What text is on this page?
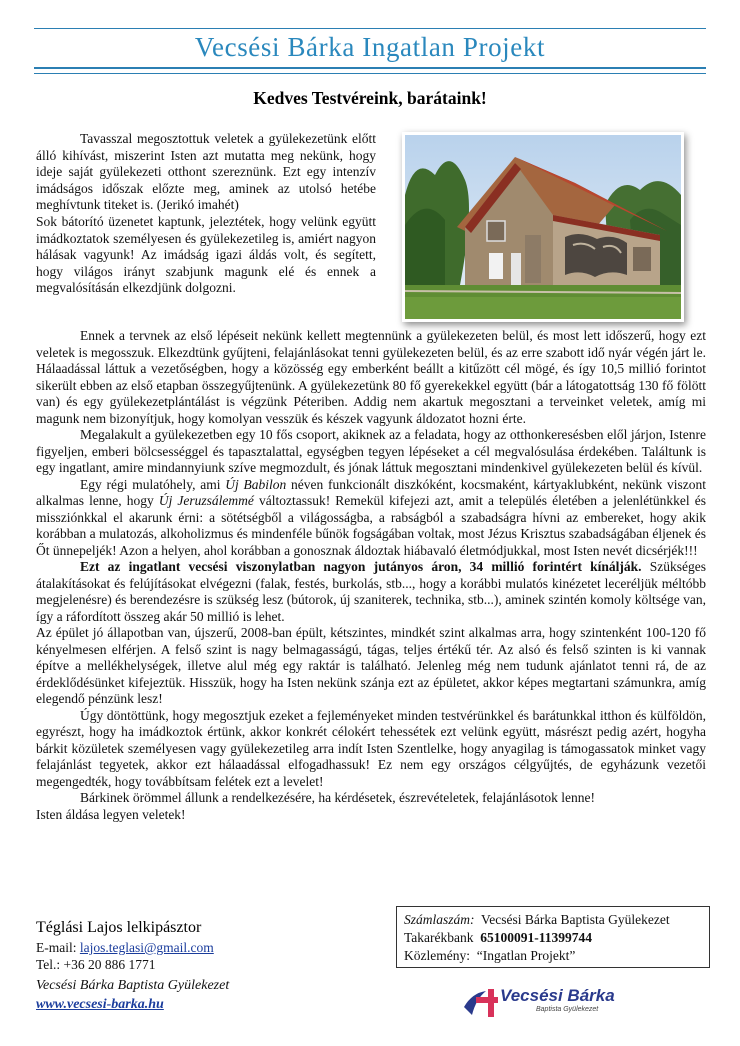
Vecsési Bárka Ingatlan Projekt
Kedves Testvéreink, barátaink!

Tavasszal megosztottuk veletek a gyülekezetünk előtt álló kihívást, miszerint Isten azt mutatta meg nekünk, hogy ideje saját gyülekezeti otthont szereznünk. Ezt egy intenzív imádságos időszak előzte meg, aminek az utolsó hetébe meghívtunk titeket is. (Jerikó imahét)

Sok bátorító üzenetet kaptunk, jeleztétek, hogy velünk együtt imádkoztatok személyesen és gyülekezetileg is, amiért nagyon hálásak vagyunk! Az imádság igazi áldás volt, és segített, hogy világos irányt szabjunk magunk elé és ennek a megvalósításán elkezdjünk dolgozni.

Ennek a tervnek az első lépéseit nekünk kellett megtennünk a gyülekezeten belül, és most lett időszerű, hogy ezt veletek is megosszuk. Elkezdtünk gyűjteni, felajánlásokat tenni gyülekezeten belül, és az erre szabott idő nyár végén járt le. Hálaadással láttuk a vezetőségben, hogy a közösség egy emberként beállt a kitűzött cél mögé, és így 10,5 millió forintot sikerült ebben az első etapban összegyűjtenünk. A gyülekezetünk 80 fő gyerekekkel együtt (bár a látogatottság 130 fő fölött van) és egy gyülekezetplántálást is végzünk Péteriben. Addig nem akartuk megosztani a terveinket veletek, amíg mi magunk nem bizonyítjuk, hogy komolyan vesszük és készek vagyunk áldozatot hozni érte.

Megalakult a gyülekezetben egy 10 fős csoport, akiknek az a feladata, hogy az otthonkeresésben elől járjon, Istenre figyeljen, emberi bölcsességgel és tapasztalattal, egységben tegyen lépéseket a cél megvalósulása érdekében. Találtunk is egy ingatlant, amire mindannyiunk szíve megmozdult, és jónak láttuk megosztani mindenkivel gyülekezeten belül és kívül.

Egy régi mulatóhely, ami Új Babilon néven funkcionált diszkóként, kocsmaként, kártyaklubként, nekünk viszont alkalmas lenne, hogy Új Jeruzsálemmé változtassuk! Remekül kifejezi azt, amit a település életében a jelenlétünkkel és missziónkkal el akarunk érni: a sötétségből a világosságba, a rabságból a szabadságra hívni az embereket, hogy akik korábban a mulatozás, alkoholizmus és mindenféle bűnök fogságában voltak, most Jézus Krisztus szabadságában éljenek és Őt ünnepeljék! Azon a helyen, ahol korábban a gonosznak áldoztak hiábavaló életmódjukkal, most Isten nevét dicsérjék!!!

Ezt az ingatlant vecsési viszonylatban nagyon jutányos áron, 34 millió forintért kínálják. Szükséges átalakításokat és felújításokat elvégezni (falak, festés, burkolás, stb..., hogy a korábbi mulatós kinézetet leceréljük méltóbb megjelenésre) és berendezésre is szükség lesz (bútorok, új szaniterek, technika, stb...), aminek szintén komoly költsége van, így a ráfordított összeg akár 50 millió is lehet.

Az épület jó állapotban van, újszerű, 2008-ban épült, kétszintes, mindkét szint alkalmas arra, hogy szintenként 100-120 fő kényelmesen elférjen. A felső szint is nagy belmagasságú, tágas, teljes értékű tér. Az alsó és felső szinten is ki vannak építve a mellékhelységek, illetve alul még egy raktár is található. Jelenleg még nem tudunk ajánlatot tenni rá, de az érdeklődésünket kifejeztük. Hisszük, hogy ha Isten nekünk szánja ezt az épületet, akkor képes megtartani számunkra, amíg elegendő pénzünk lesz!

Úgy döntöttünk, hogy megosztjuk ezeket a fejleményeket minden testvérünkkel és barátunkkal itthon és külföldön, egyrészt, hogy ha imádkoztok értünk, akkor konkrét célokért tehessétek ezt velünk együtt, másrészt pedig azért, hogyha bárkit közületek személyesen vagy gyülekezetileg arra indít Isten Szentlelke, hogy anyagilag is támogassatok minket vagy felajánlást tegyetek, akkor ezt hálaadással elfogadhassuk! Ez nem egy országos célgyűjtés, de egyházunk vezetői megengedték, hogy továbbítsam felétek ezt a levelet!

Bárkinek örömmel állunk a rendelkezésére, ha kérdésetek, észrevételetek, felajánlásotok lenne!

Isten áldása legyen veletek!

Téglási Lajos lelkipásztor
E-mail: lajos.teglasi@gmail.com
Tel.: +36 20 886 1771
Vecsési Bárka Baptista Gyülekezet
www.vecsesi-barka.hu
Számlaszám: Vecsési Bárka Baptista Gyülekezet
Takarékbank 65100091-11399744
Közlemény: “Ingatlan Projekt”
Vecsési Bárka
Baptista Gyülekezet
